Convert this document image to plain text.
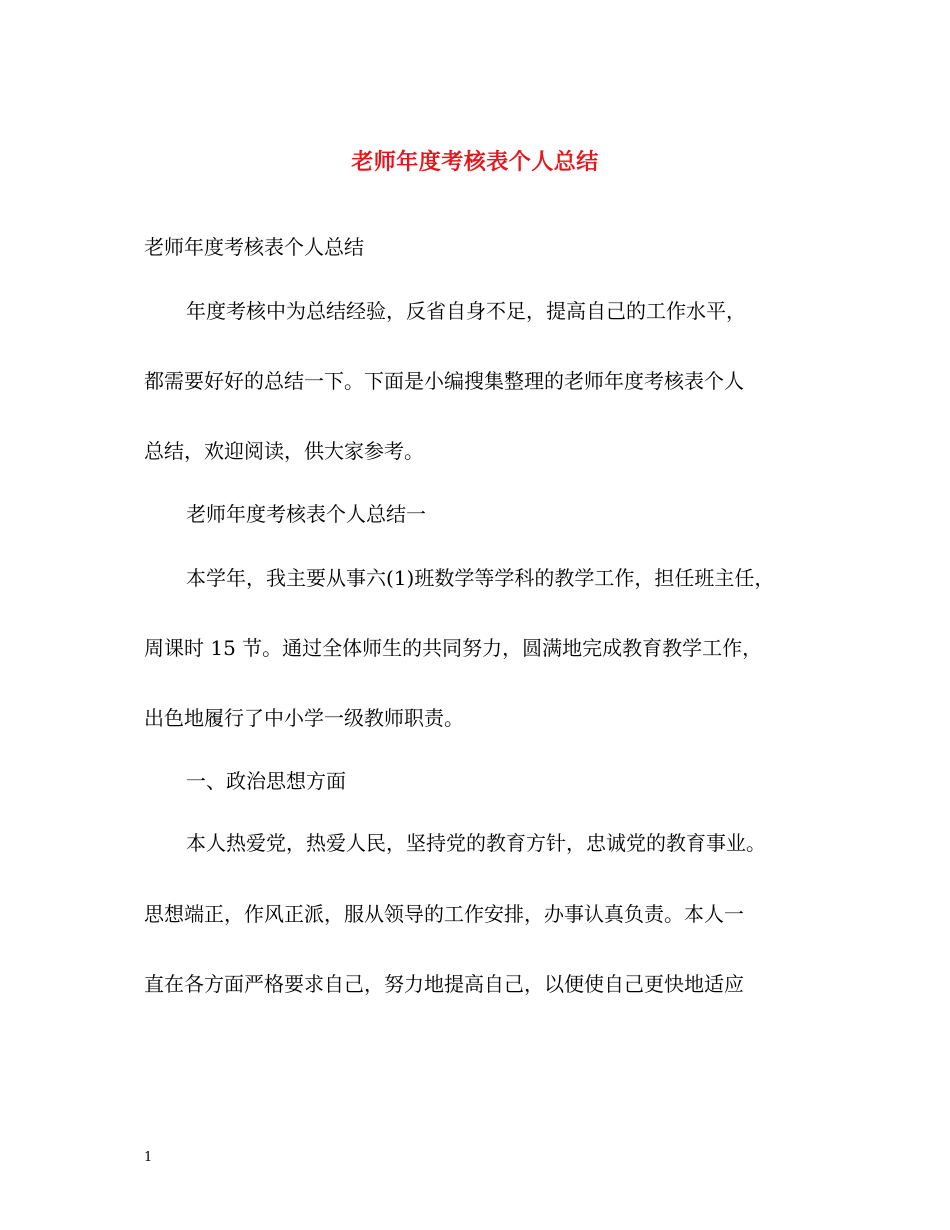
老师年度考核表个人总结
老师年度考核表个人总结
年度考核中为总结经验，反省自身不足，提高自己的工作水平，
都需要好好的总结一下。下面是小编搜集整理的老师年度考核表个人
总结，欢迎阅读，供大家参考。
老师年度考核表个人总结一
本学年，我主要从事六(1)班数学等学科的教学工作，担任班主任，
周课时 15 节。通过全体师生的共同努力，圆满地完成教育教学工作，
出色地履行了中小学一级教师职责。
一、政治思想方面
本人热爱党，热爱人民，坚持党的教育方针，忠诚党的教育事业。
思想端正，作风正派，服从领导的工作安排，办事认真负责。本人一
直在各方面严格要求自己，努力地提高自己，以便使自己更快地适应
1
